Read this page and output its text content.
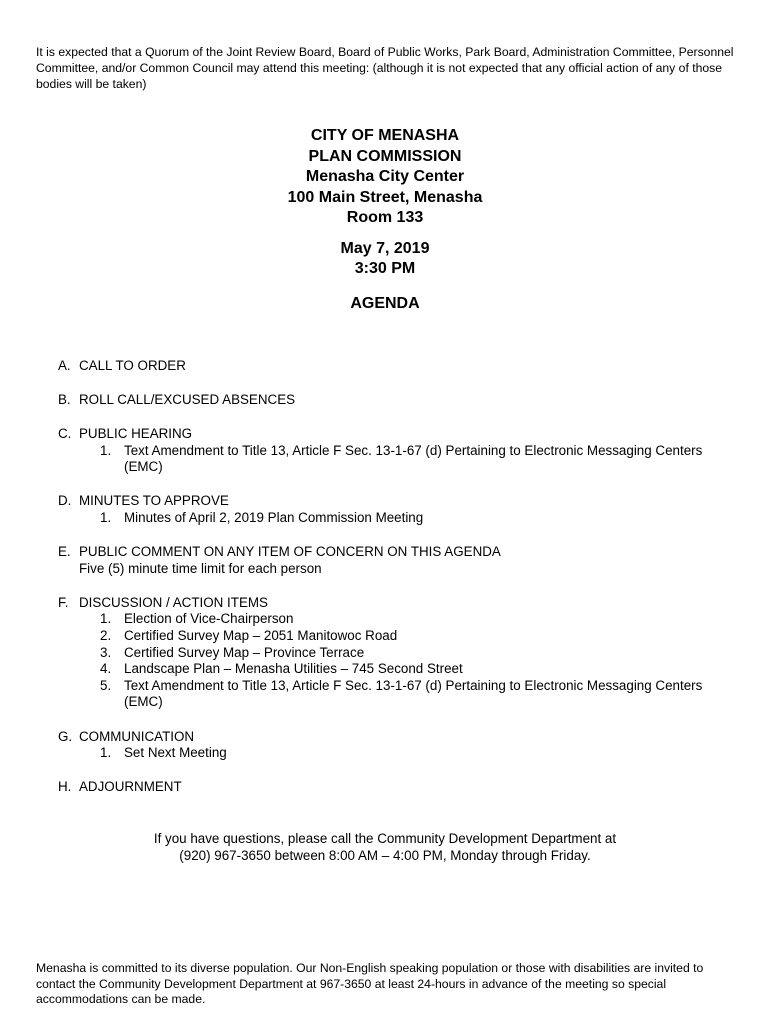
It is expected that a Quorum of the Joint Review Board, Board of Public Works, Park Board, Administration Committee, Personnel Committee, and/or Common Council may attend this meeting: (although it is not expected that any official action of any of those bodies will be taken)
CITY OF MENASHA
PLAN COMMISSION
Menasha City Center
100 Main Street, Menasha
Room 133
May 7, 2019
3:30 PM
AGENDA
A. CALL TO ORDER
B. ROLL CALL/EXCUSED ABSENCES
C. PUBLIC HEARING
1. Text Amendment to Title 13, Article F Sec. 13-1-67 (d) Pertaining to Electronic Messaging Centers (EMC)
D. MINUTES TO APPROVE
1. Minutes of April 2, 2019 Plan Commission Meeting
E. PUBLIC COMMENT ON ANY ITEM OF CONCERN ON THIS AGENDA
Five (5) minute time limit for each person
F. DISCUSSION / ACTION ITEMS
1. Election of Vice-Chairperson
2. Certified Survey Map – 2051 Manitowoc Road
3. Certified Survey Map – Province Terrace
4. Landscape Plan – Menasha Utilities – 745 Second Street
5. Text Amendment to Title 13, Article F Sec. 13-1-67 (d) Pertaining to Electronic Messaging Centers (EMC)
G. COMMUNICATION
1. Set Next Meeting
H. ADJOURNMENT
If you have questions, please call the Community Development Department at
(920) 967-3650 between 8:00 AM – 4:00 PM, Monday through Friday.
Menasha is committed to its diverse population. Our Non-English speaking population or those with disabilities are invited to contact the Community Development Department at 967-3650 at least 24-hours in advance of the meeting so special accommodations can be made.
